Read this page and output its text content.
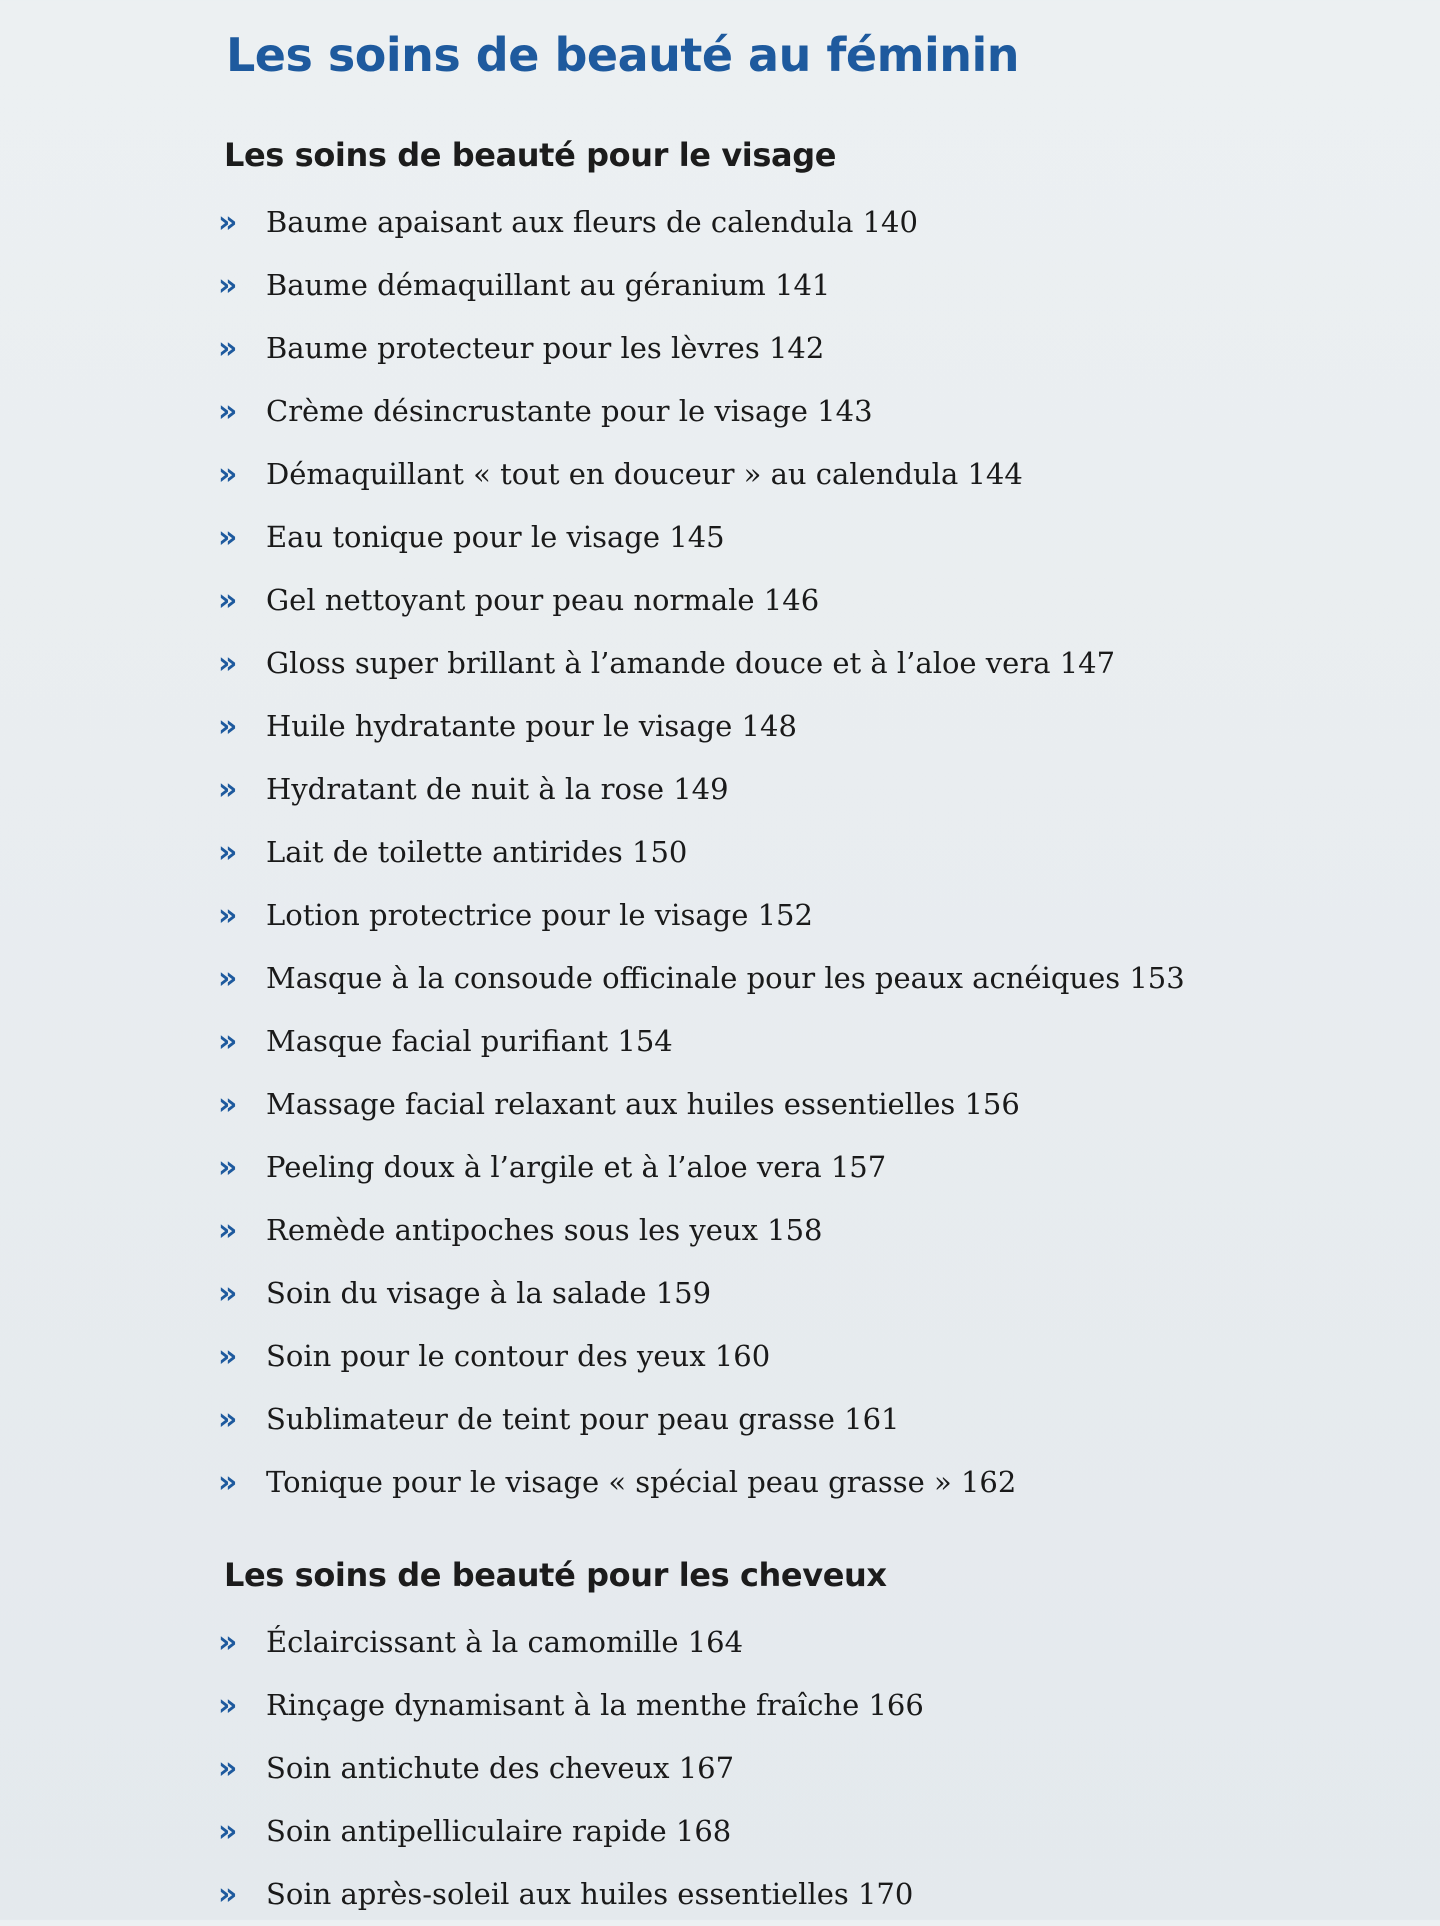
Les soins de beauté au féminin
Les soins de beauté pour le visage
» Baume apaisant aux fleurs de calendula 140
» Baume démaquillant au géranium 141
» Baume protecteur pour les lèvres 142
» Crème désincrustante pour le visage 143
» Démaquillant « tout en douceur » au calendula 144
» Eau tonique pour le visage 145
» Gel nettoyant pour peau normale 146
» Gloss super brillant à l’amande douce et à l’aloe vera 147
» Huile hydratante pour le visage 148
» Hydratant de nuit à la rose 149
» Lait de toilette antirides 150
» Lotion protectrice pour le visage 152
» Masque à la consoude officinale pour les peaux acnéiques 153
» Masque facial purifiant 154
» Massage facial relaxant aux huiles essentielles 156
» Peeling doux à l’argile et à l’aloe vera 157
» Remède antipoches sous les yeux 158
» Soin du visage à la salade 159
» Soin pour le contour des yeux 160
» Sublimateur de teint pour peau grasse 161
» Tonique pour le visage « spécial peau grasse » 162
Les soins de beauté pour les cheveux
» Éclaircissant à la camomille 164
» Rinçage dynamisant à la menthe fraîche 166
» Soin antichute des cheveux 167
» Soin antipelliculaire rapide 168
» Soin après-soleil aux huiles essentielles 170
